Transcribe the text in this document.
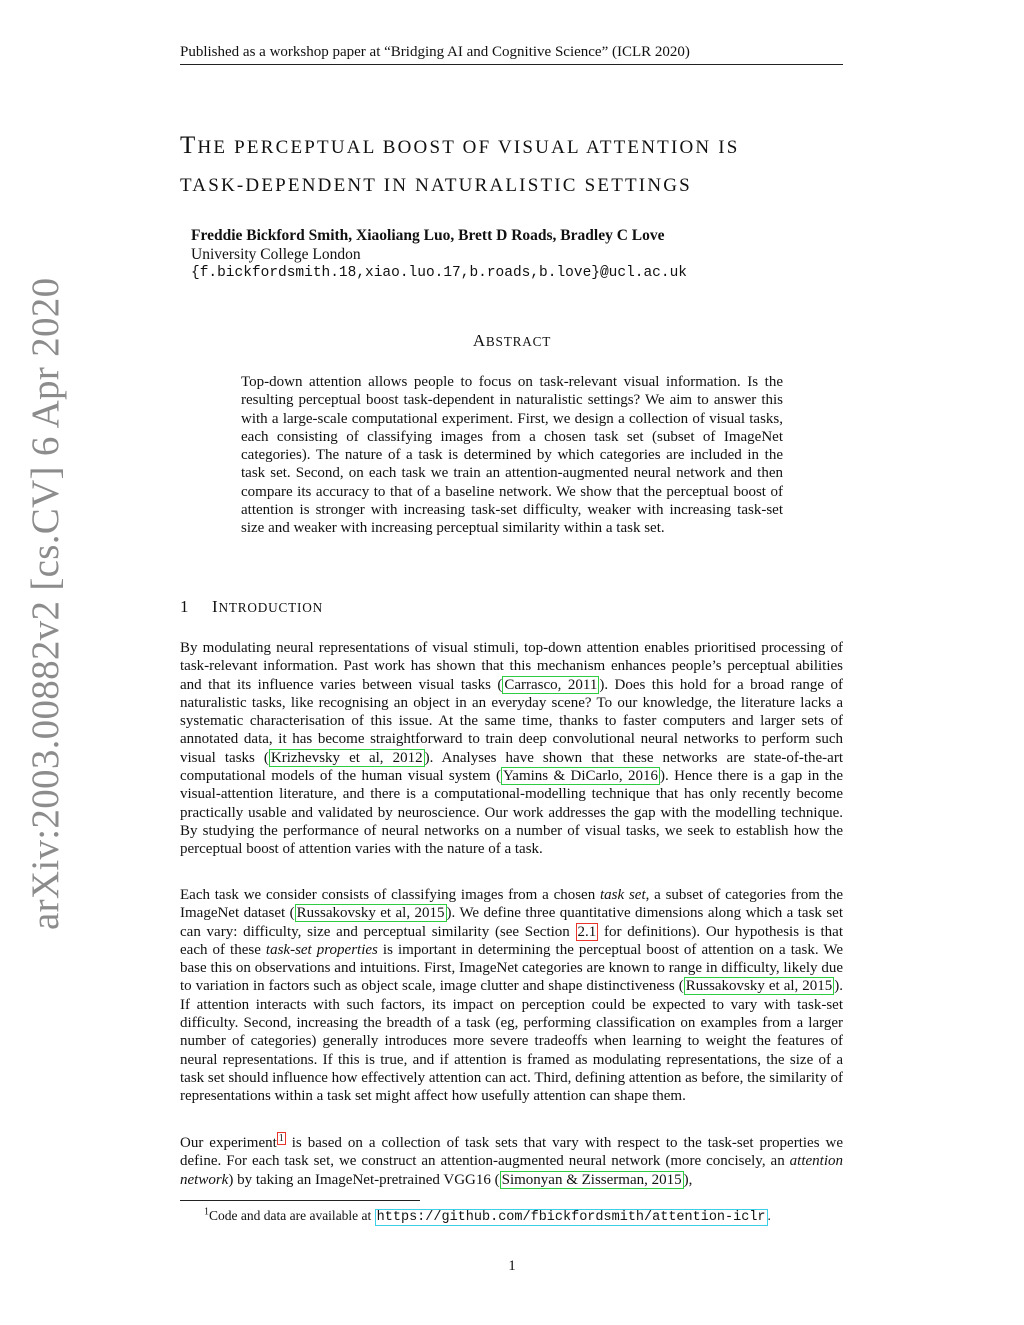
Published as a workshop paper at “Bridging AI and Cognitive Science” (ICLR 2020)
arXiv:2003.00882v2 [cs.CV] 6 Apr 2020
THE PERCEPTUAL BOOST OF VISUAL ATTENTION IS
TASK-DEPENDENT IN NATURALISTIC SETTINGS
Freddie Bickford Smith, Xiaoliang Luo, Brett D Roads, Bradley C Love
University College London
{f.bickfordsmith.18,xiao.luo.17,b.roads,b.love}@ucl.ac.uk
ABSTRACT

Top-down attention allows people to focus on task-relevant visual information. Is the resulting perceptual boost task-dependent in naturalistic settings? We aim to answer this with a large-scale computational experiment. First, we design a collection of visual tasks, each consisting of classifying images from a chosen task set (subset of ImageNet categories). The nature of a task is determined by which categories are included in the task set. Second, on each task we train an attention-augmented neural network and then compare its accuracy to that of a baseline network. We show that the perceptual boost of attention is stronger with increasing task-set difficulty, weaker with increasing task-set size and weaker with increasing perceptual similarity within a task set.

1 INTRODUCTION

By modulating neural representations of visual stimuli, top-down attention enables prioritised processing of task-relevant information. Past work has shown that this mechanism enhances people’s perceptual abilities and that its influence varies between visual tasks ( Carrasco, 2011 ). Does this hold for a broad range of naturalistic tasks, like recognising an object in an everyday scene? To our knowledge, the literature lacks a systematic characterisation of this issue. At the same time, thanks to faster computers and larger sets of annotated data, it has become straightforward to train deep convolutional neural networks to perform such visual tasks ( Krizhevsky et al, 2012 ). Analyses have shown that these networks are state-of-the-art computational models of the human visual system ( Yamins & DiCarlo, 2016 ). Hence there is a gap in the visual-attention literature, and there is a computational-modelling technique that has only recently become practically usable and validated by neuroscience. Our work addresses the gap with the modelling technique. By studying the performance of neural networks on a number of visual tasks, we seek to establish how the perceptual boost of attention varies with the nature of a task.

Each task we consider consists of classifying images from a chosen task set, a subset of categories from the ImageNet dataset ( Russakovsky et al, 2015 ). We define three quantitative dimensions along which a task set can vary: difficulty, size and perceptual similarity (see Section 2.1 for definitions). Our hypothesis is that each of these task-set properties is important in determining the perceptual boost of attention on a task. We base this on observations and intuitions. First, ImageNet categories are known to range in difficulty, likely due to variation in factors such as object scale, image clutter and shape distinctiveness ( Russakovsky et al, 2015 ). If attention interacts with such factors, its impact on perception could be expected to vary with task-set difficulty. Second, increasing the breadth of a task (eg, performing classification on examples from a larger number of categories) generally introduces more severe tradeoffs when learning to weight the features of neural representations. If this is true, and if attention is framed as modulating representations, the size of a task set should influence how effectively attention can act. Third, defining attention as before, the similarity of representations within a task set might affect how usefully attention can shape them.

Our experiment $^1$ is based on a collection of task sets that vary with respect to the task-set properties we define. For each task set, we construct an attention-augmented neural network (more concisely, an attention network) by taking an ImageNet-pretrained VGG16 ( Simonyan & Zisserman, 2015 ),

$^1$Code and data are available at https://github.com/fbickfordsmith/attention-iclr .
1
